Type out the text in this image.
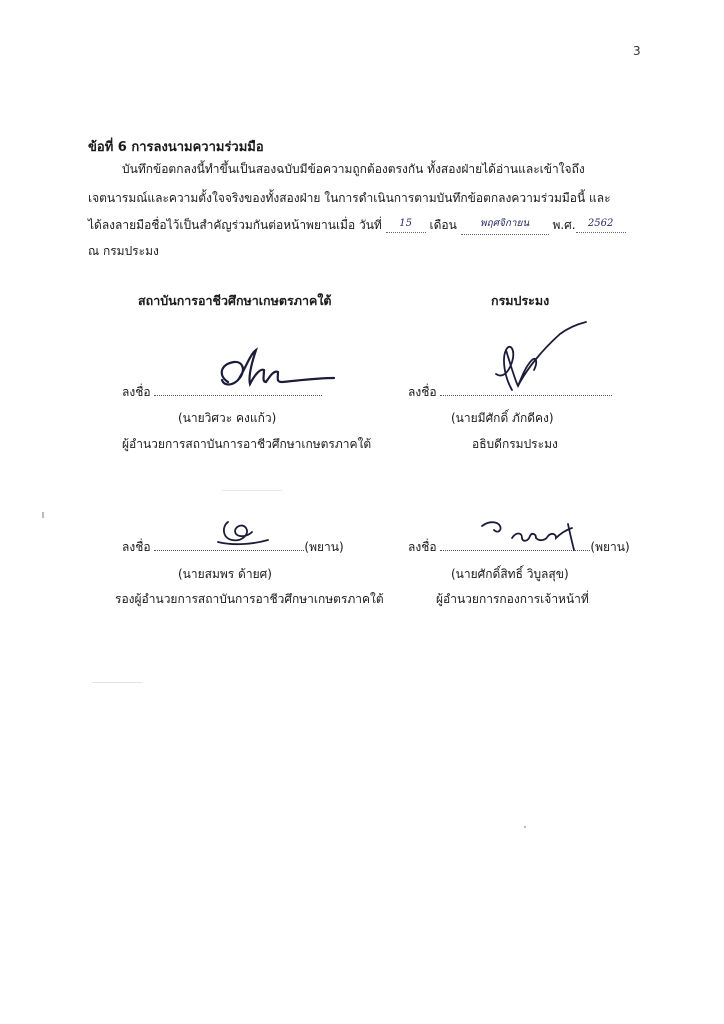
3
ข้อที่ 6 การลงนามความร่วมมือ
บันทึกข้อตกลงนี้ทำขึ้นเป็นสองฉบับมีข้อความถูกต้องตรงกัน ทั้งสองฝ่ายได้อ่านและเข้าใจถึง
เจตนารมณ์และความตั้งใจจริงของทั้งสองฝ่าย ในการดำเนินการตามบันทึกข้อตกลงความร่วมมือนี้ และ
ได้ลงลายมือชื่อไว้เป็นสำคัญร่วมกันต่อหน้าพยานเมื่อ วันที่ $^{15}$ เดือน $^{พฤศจิกายน}$ พ.ศ. $^{2562}$
ณ กรมประมง
สถาบันการอาชีวศึกษาเกษตรภาคใต้	กรมประมง
ลงชื่อ	ลงชื่อ
(นายวิศวะ คงแก้ว)	(นายมีศักดิ์ ภักดีคง)
ผู้อำนวยการสถาบันการอาชีวศึกษาเกษตรภาคใต้	อธิบดีกรมประมง
ลงชื่อ	(พยาน)	ลงชื่อ	(พยาน)
(นายสมพร ด้ายศ)	(นายศักดิ์สิทธิ์ วิบูลสุข)
รองผู้อำนวยการสถาบันการอาชีวศึกษาเกษตรภาคใต้	ผู้อำนวยการกองการเจ้าหน้าที่
